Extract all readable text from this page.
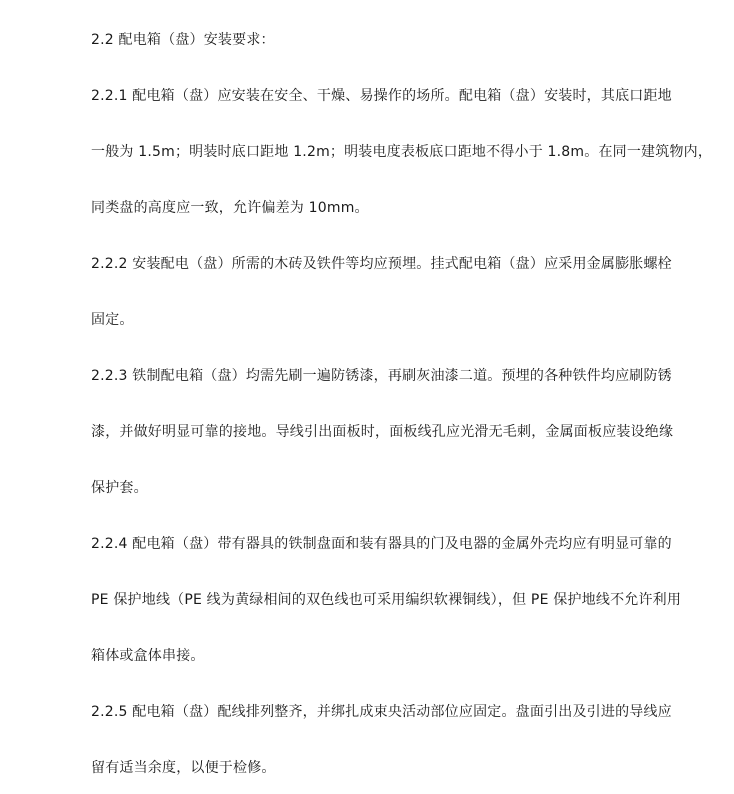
2.2 配电箱（盘）安装要求：

2.2.1 配电箱（盘）应安装在安全、干燥、易操作的场所。配电箱（盘）安装时，其底口距地

一般为 1.5m；明装时底口距地 1.2m；明装电度表板底口距地不得小于 1.8m。在同一建筑物内，

同类盘的高度应一致，允许偏差为 10mm。

2.2.2 安装配电（盘）所需的木砖及铁件等均应预埋。挂式配电箱（盘）应采用金属膨胀螺栓

固定。

2.2.3 铁制配电箱（盘）均需先刷一遍防锈漆，再刷灰油漆二道。预埋的各种铁件均应刷防锈

漆，并做好明显可靠的接地。导线引出面板时，面板线孔应光滑无毛刺，金属面板应装设绝缘

保护套。

2.2.4 配电箱（盘）带有器具的铁制盘面和装有器具的门及电器的金属外壳均应有明显可靠的

PE 保护地线（PE 线为黄绿相间的双色线也可采用编织软裸铜线），但 PE 保护地线不允许利用

箱体或盒体串接。

2.2.5 配电箱（盘）配线排列整齐，并绑扎成束央活动部位应固定。盘面引出及引进的导线应

留有适当余度，以便于检修。
